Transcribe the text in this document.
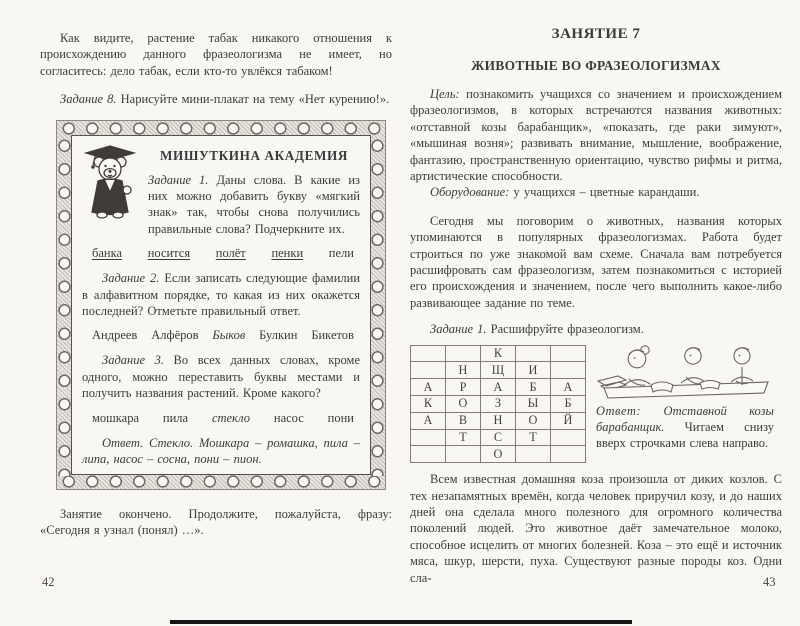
Как видите, растение табак никакого отношения к происхождению данного фразеологизма не имеет, но согласитесь: дело табак, если кто-то увлёкся табаком!

Задание 8. Нарисуйте мини-плакат на тему «Нет курению!».

МИШУТКИНА АКАДЕМИЯ

Задание 1. Даны слова. В какие из них можно добавить букву «мягкий знак» так, чтобы снова получились правильные слова? Подчеркните их.

банка носится полёт пенки пели

Задание 2. Если записать следующие фамилии в алфавитном порядке, то какая из них окажется последней? Отметьте правильный ответ.

Андреев Алфёров Быков Булкин Бикетов

Задание 3. Во всех данных словах, кроме одного, можно переставить буквы местами и получить названия растений. Кроме какого?

мошкара пила стекло насос пони

Ответ. Стекло. Мошкара – ромашка, пила – липа, насос – сосна, пони – пион.

Занятие окончено. Продолжите, пожалуйста, фразу: «Сегодня я узнал (понял) …».

42
ЗАНЯТИЕ 7
ЖИВОТНЫЕ ВО ФРАЗЕОЛОГИЗМАХ

Цель: познакомить учащихся со значением и происхождением фразеологизмов, в которых встречаются названия животных: «отставной козы барабанщик», «показать, где раки зимуют», «мышиная возня»; развивать внимание, мышление, воображение, фантазию, пространственную ориентацию, чувство рифмы и ритма, артистические способности.

Оборудование: у учащихся – цветные карандаши.

Сегодня мы поговорим о животных, названия которых упоминаются в популярных фразеологизмах. Работа будет строиться по уже знакомой вам схеме. Сначала вам потребуется расшифровать сам фразеологизм, затем познакомиться с историей его происхождения и значением, после чего выполнить какое-либо развивающее задание по теме.

Задание 1. Расшифруйте фразеологизм.

		К		
	Н	Щ	И	
А	Р	А	Б	А
К	О	З	Ы	Б
А	В	Н	О	Й
	Т	С	Т	
		О		

Ответ: Отставной козы барабанщик. Читаем снизу вверх строчками слева направо.

Всем известная домашняя коза произошла от диких козлов. С тех незапамятных времён, когда человек приручил козу, и до наших дней она сделала много полезного для огромного количества поколений людей. Это животное даёт замечательное молоко, способное исцелить от многих болезней. Коза – это ещё и источник мяса, шкур, шерсти, пуха. Существуют разные породы коз. Одни сла-	43
